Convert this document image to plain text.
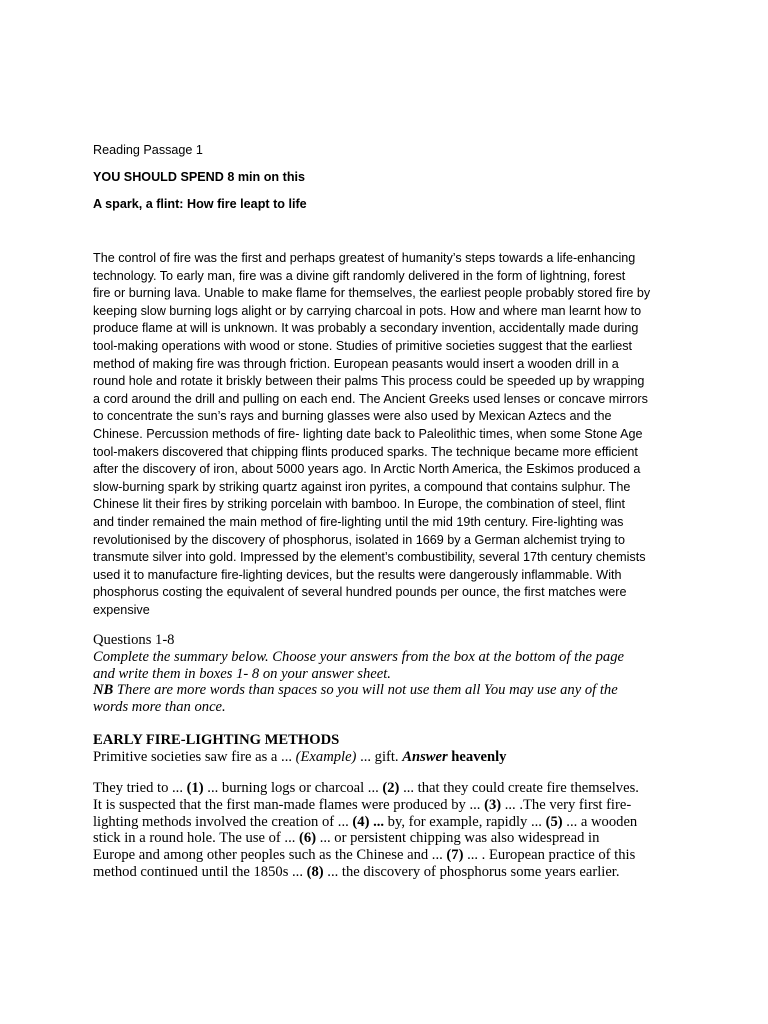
Reading Passage 1
YOU SHOULD SPEND 8 min on this
A spark, a flint: How fire leapt to life
The control of fire was the first and perhaps greatest of humanity’s steps towards a life-enhancing
technology. To early man, fire was a divine gift randomly delivered in the form of lightning, forest
fire or burning lava. Unable to make flame for themselves, the earliest people probably stored fire by
keeping slow burning logs alight or by carrying charcoal in pots. How and where man learnt how to
produce flame at will is unknown. It was probably a secondary invention, accidentally made during
tool-making operations with wood or stone. Studies of primitive societies suggest that the earliest
method of making fire was through friction. European peasants would insert a wooden drill in a
round hole and rotate it briskly between their palms This process could be speeded up by wrapping
a cord around the drill and pulling on each end. The Ancient Greeks used lenses or concave mirrors
to concentrate the sun’s rays and burning glasses were also used by Mexican Aztecs and the
Chinese. Percussion methods of fire- lighting date back to Paleolithic times, when some Stone Age
tool-makers discovered that chipping flints produced sparks. The technique became more efficient
after the discovery of iron, about 5000 years ago. In Arctic North America, the Eskimos produced a
slow-burning spark by striking quartz against iron pyrites, a compound that contains sulphur. The
Chinese lit their fires by striking porcelain with bamboo. In Europe, the combination of steel, flint
and tinder remained the main method of fire-lighting until the mid 19th century. Fire-lighting was
revolutionised by the discovery of phosphorus, isolated in 1669 by a German alchemist trying to
transmute silver into gold. Impressed by the element’s combustibility, several 17th century chemists
used it to manufacture fire-lighting devices, but the results were dangerously inflammable. With
phosphorus costing the equivalent of several hundred pounds per ounce, the first matches were
expensive
Questions 1-8
Complete the summary below. Choose your answers from the box at the bottom of the page
and write them in boxes 1- 8 on your answer sheet.
NB There are more words than spaces so you will not use them all You may use any of the
words more than once.
EARLY FIRE-LIGHTING METHODS
Primitive societies saw fire as a ... (Example) ... gift. Answer heavenly
They tried to ... (1) ... burning logs or charcoal ... (2) ... that they could create fire themselves.
It is suspected that the first man-made flames were produced by ... (3) ... .The very first fire-
lighting methods involved the creation of ... (4) ... by, for example, rapidly ... (5) ... a wooden
stick in a round hole. The use of ... (6) ... or persistent chipping was also widespread in
Europe and among other peoples such as the Chinese and ... (7) ... . European practice of this
method continued until the 1850s ... (8) ... the discovery of phosphorus some years earlier.
